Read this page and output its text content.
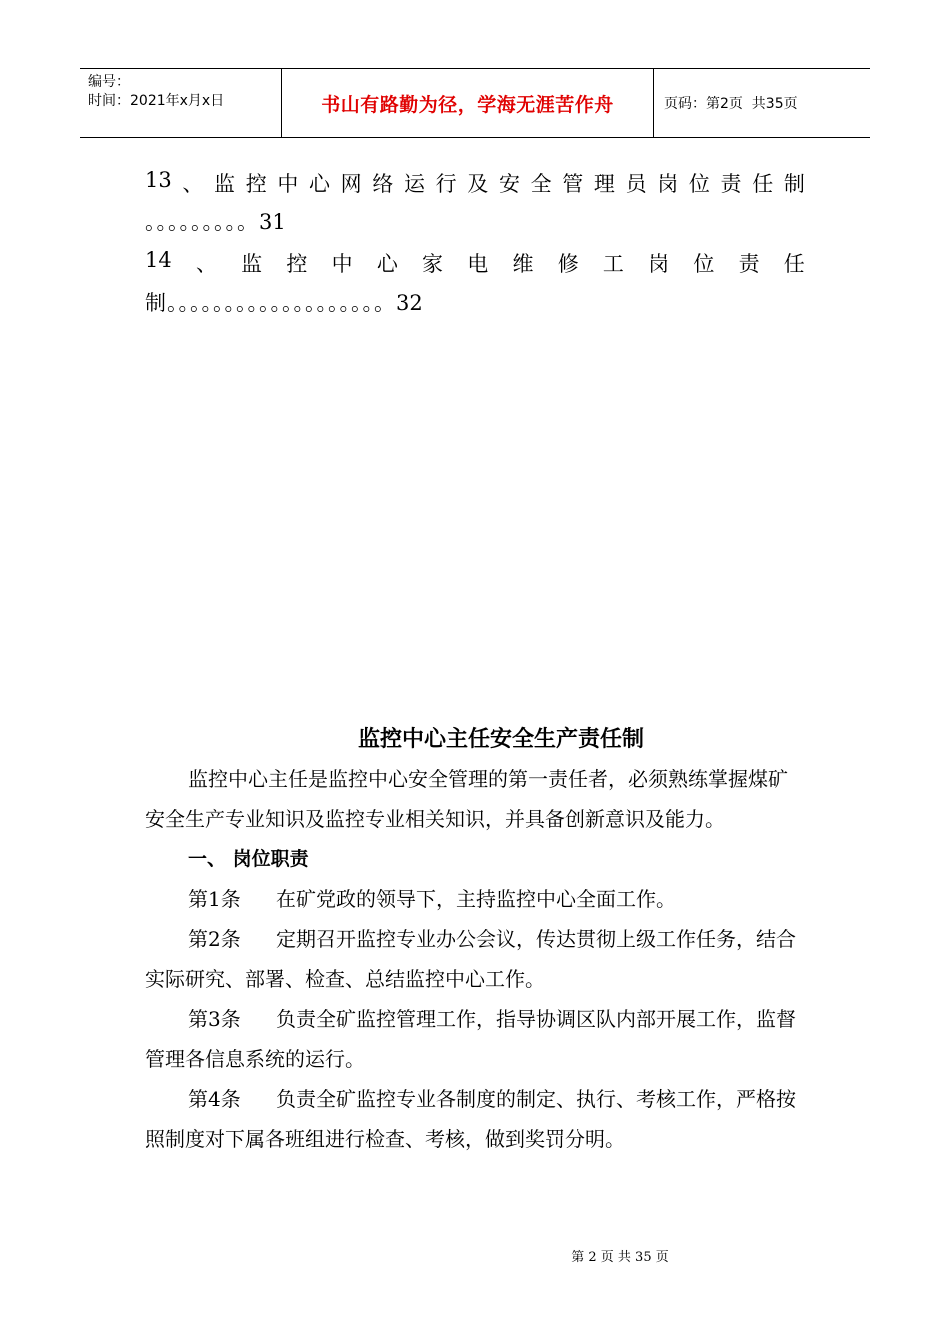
编号：
时间：2021年x月x日	书山有路勤为径，学海无涯苦作舟	页码：第2页  共35页
13 、 监 控 中 心 网 络 运 行 及 安 全 管 理 员 岗 位 责 任 制
。。。。。。。。。31
14 、 监 控 中 心 家 电 维 修 工 岗 位 责 任
制。。。。。。。。。。。。。。。。。。。32
监控中心主任安全生产责任制

监控中心主任是监控中心安全管理的第一责任者，必须熟练掌握煤矿安全生产专业知识及监控专业相关知识，并具备创新意识及能力。

一、 岗位职责

第1条 在矿党政的领导下，主持监控中心全面工作。

第2条 定期召开监控专业办公会议，传达贯彻上级工作任务，结合实际研究、部署、检查、总结监控中心工作。

第3条 负责全矿监控管理工作，指导协调区队内部开展工作，监督管理各信息系统的运行。

第4条 负责全矿监控专业各制度的制定、执行、考核工作，严格按照制度对下属各班组进行检查、考核，做到奖罚分明。

第 2 页 共 35 页
